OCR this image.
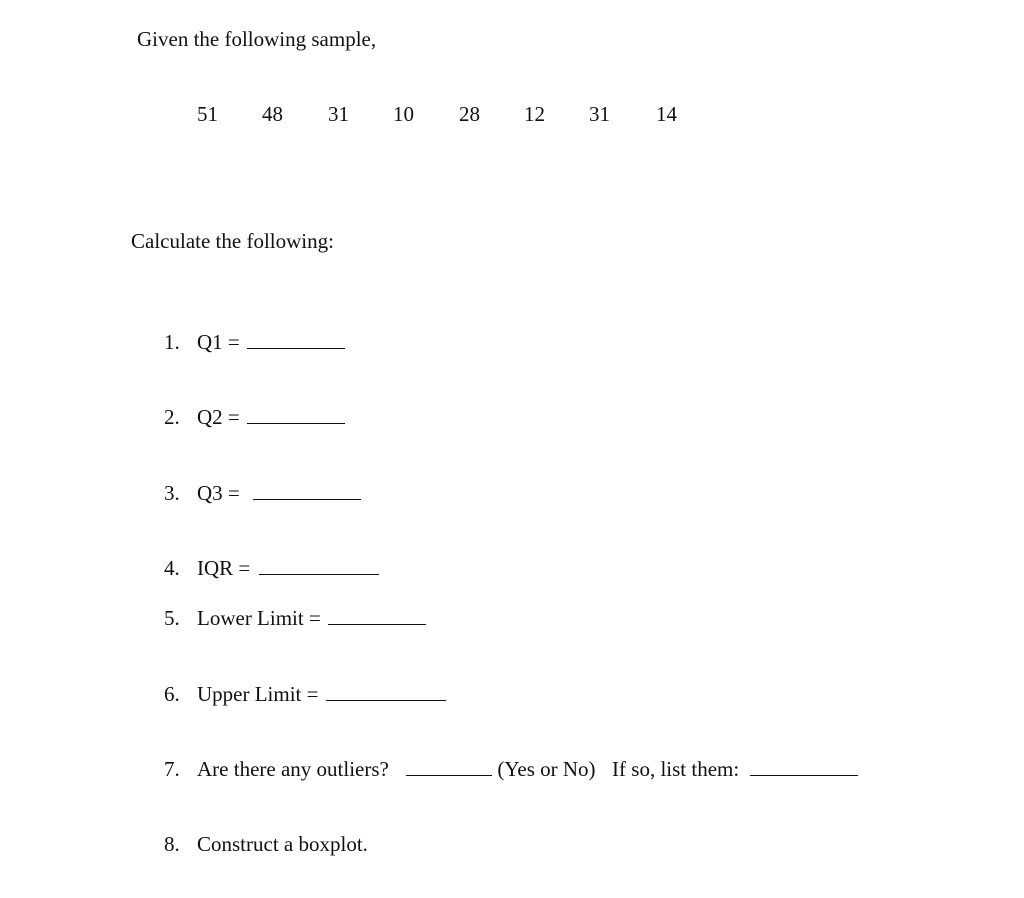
Given the following sample,
51 48 31 10 28 12 31 14
Calculate the following:
1. Q1 =
2. Q2 =
3. Q3 =
4. IQR =
5. Lower Limit =
6. Upper Limit =
7. Are there any outliers?	(Yes or No) If so, list them:
8. Construct a boxplot.
